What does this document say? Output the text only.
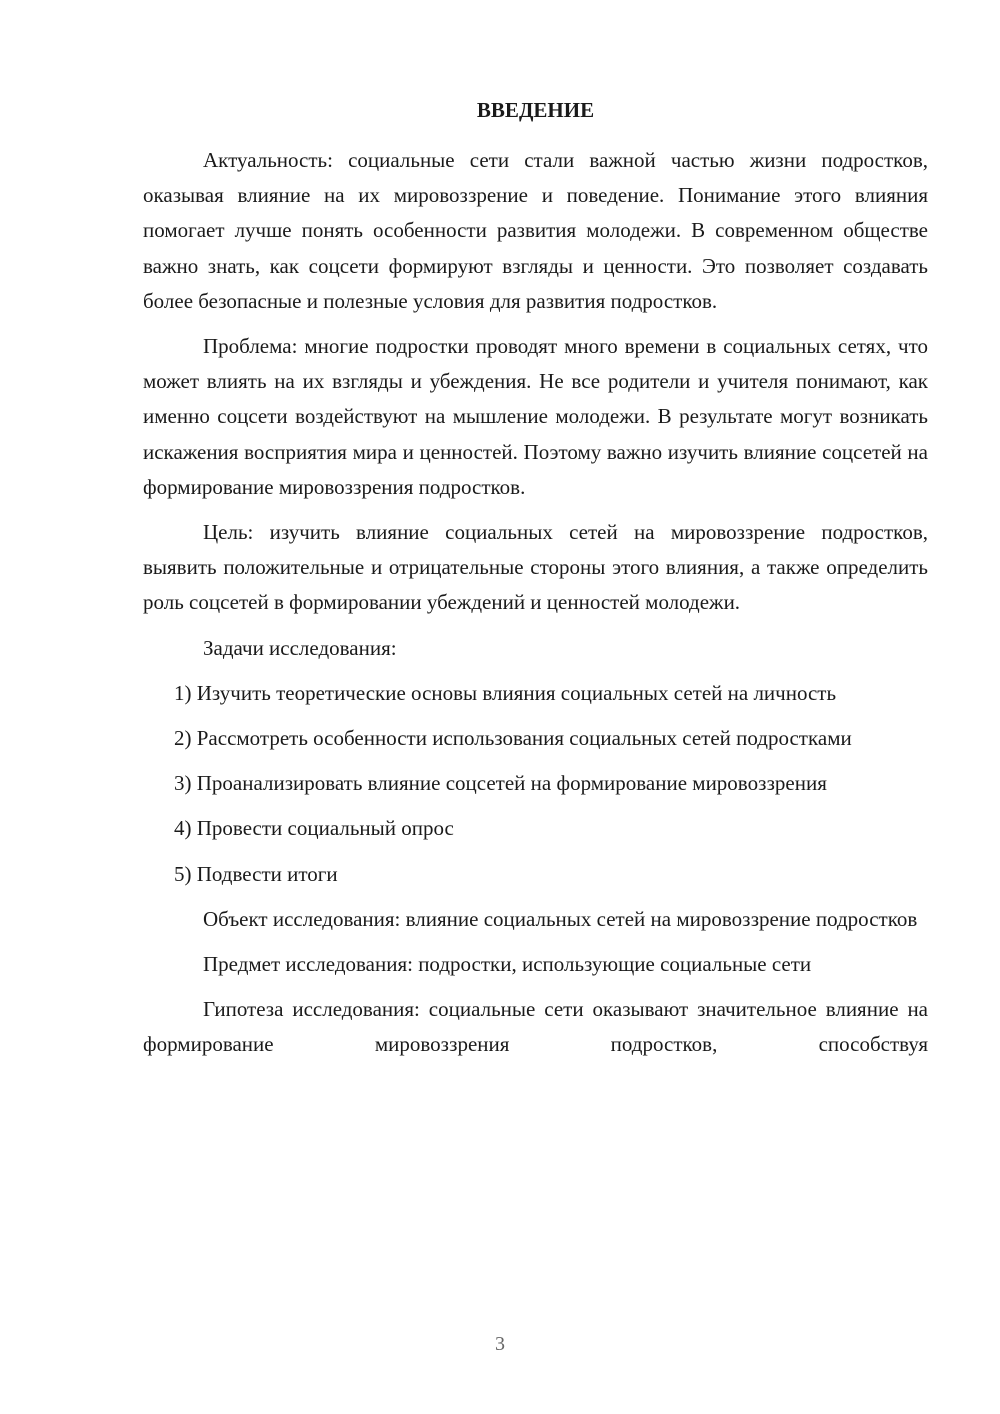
ВВЕДЕНИЕ

Актуальность: социальные сети стали важной частью жизни подростков, оказывая влияние на их мировоззрение и поведение. Понимание этого влияния помогает лучше понять особенности развития молодежи. В современном обществе важно знать, как соцсети формируют взгляды и ценности. Это позволяет создавать более безопасные и полезные условия для развития подростков.

Проблема: многие подростки проводят много времени в социальных сетях, что может влиять на их взгляды и убеждения. Не все родители и учителя понимают, как именно соцсети воздействуют на мышление молодежи. В результате могут возникать искажения восприятия мира и ценностей. Поэтому важно изучить влияние соцсетей на формирование мировоззрения подростков.

Цель: изучить влияние социальных сетей на мировоззрение подростков, выявить положительные и отрицательные стороны этого влияния, а также определить роль соцсетей в формировании убеждений и ценностей молодежи.

Задачи исследования:

1) Изучить теоретические основы влияния социальных сетей на личность

2) Рассмотреть особенности использования социальных сетей подростками

3) Проанализировать влияние соцсетей на формирование мировоззрения

4) Провести социальный опрос

5) Подвести итоги

Объект исследования: влияние социальных сетей на мировоззрение подростков

Предмет исследования: подростки, использующие социальные сети

Гипотеза исследования: социальные сети оказывают значительное влияние на формирование мировоззрения подростков, способствуя

3
